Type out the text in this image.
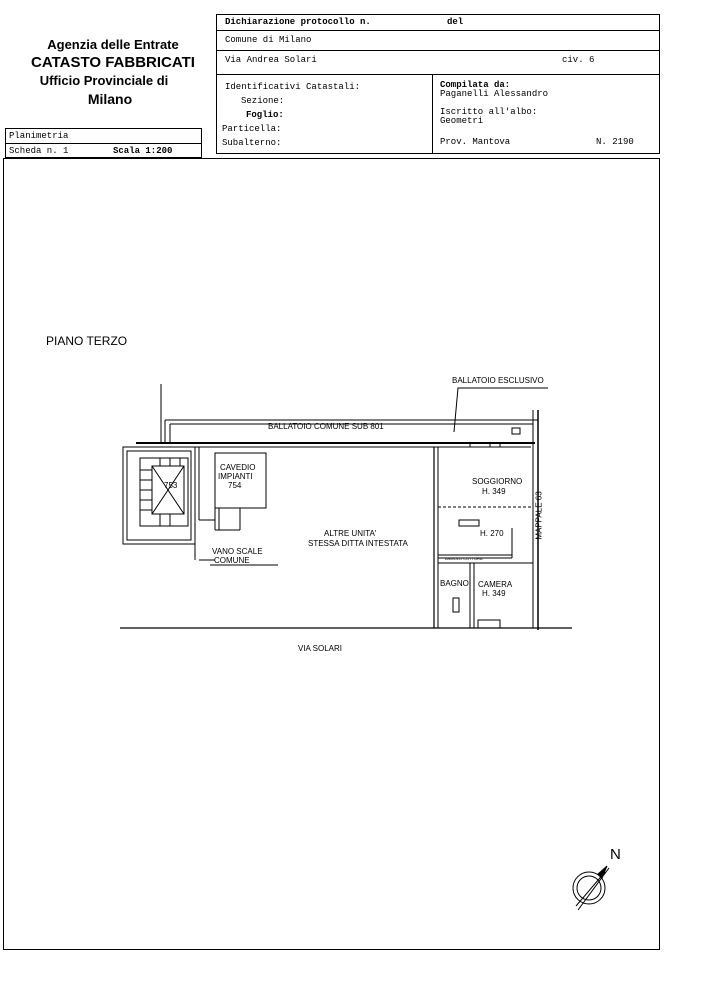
Agenzia delle Entrate
CATASTO FABBRICATI
Ufficio Provinciale di
Milano
Dichiarazione protocollo n.	del
Comune di Milano
Via Andrea Solari	civ. 6
Identificativi Catastali:
Sezione:
Foglio:
Particella:
Subalterno:
Compilata da:
Paganelli Alessandro
Iscritto all'albo:
Geometri
Prov. Mantova	N. 2190
Planimetria
Scheda n. 1	Scala 1:200
PIANO TERZO
BALLATOIO ESCLUSIVO
BALLATOIO COMUNE SUB 801
753
CAVEDIO
IMPIANTI
754
ALTRE UNITA'
STESSA DITTA INTESTATA
VANO SCALE
COMUNE
SOGGIORNO
H. 349
H. 270
ANGOLO COTTURA
BAGNO CAMERA
H. 349
MAPPALE 63
VIA SOLARI
N
